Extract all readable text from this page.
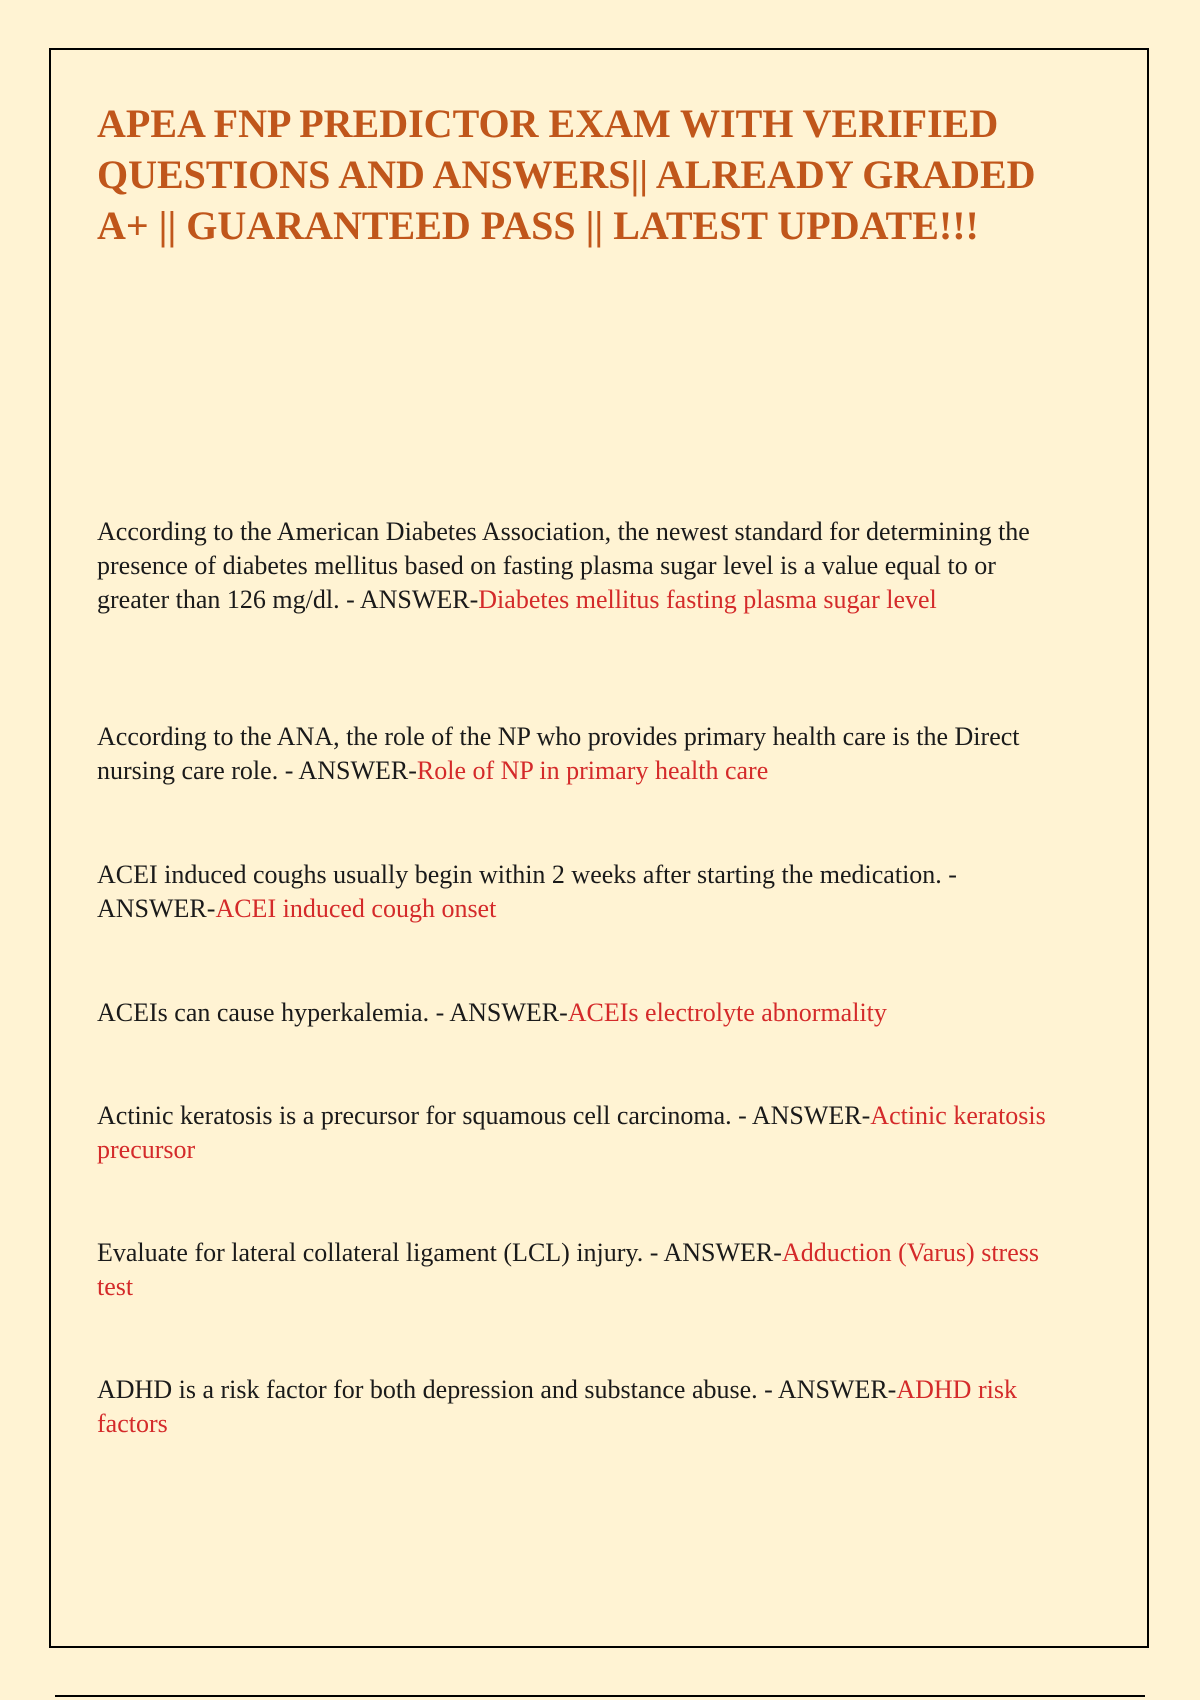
APEA FNP PREDICTOR EXAM WITH VERIFIED QUESTIONS AND ANSWERS|| ALREADY GRADED A+ || GUARANTEED PASS || LATEST UPDATE!!!

According to the American Diabetes Association, the newest standard for determining the presence of diabetes mellitus based on fasting plasma sugar level is a value equal to or greater than 126 mg/dl. - ANSWER-Diabetes mellitus fasting plasma sugar level

According to the ANA, the role of the NP who provides primary health care is the Direct nursing care role. - ANSWER-Role of NP in primary health care

ACEI induced coughs usually begin within 2 weeks after starting the medication. - ANSWER-ACEI induced cough onset

ACEIs can cause hyperkalemia. - ANSWER-ACEIs electrolyte abnormality

Actinic keratosis is a precursor for squamous cell carcinoma. - ANSWER-Actinic keratosis precursor

Evaluate for lateral collateral ligament (LCL) injury. - ANSWER-Adduction (Varus) stress test

ADHD is a risk factor for both depression and substance abuse. - ANSWER-ADHD risk factors
